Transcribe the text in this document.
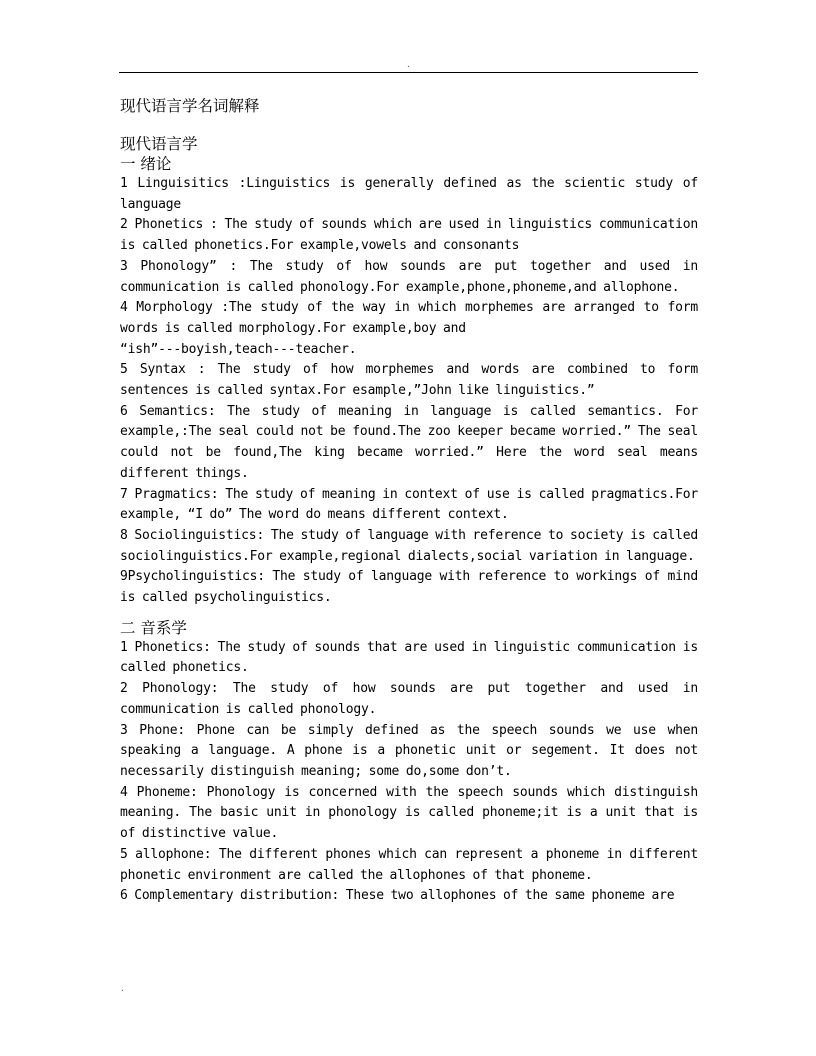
.

现代语言学名词解释

现代语言学

一 绪论

1 Linguisitics :Linguistics is generally defined as the scientic study of language

2 Phonetics : The study of sounds which are used in linguistics communication is called phonetics.For example,vowels and consonants

3 Phonology” : The study of how sounds are put together and used in communication is called phonology.For example,phone,phoneme,and allophone.

4 Morphology :The study of the way in which morphemes are arranged to form words is called morphology.For example,boy and

“ish”---boyish,teach---teacher.

5 Syntax : The study of how morphemes and words are combined to form sentences is called syntax.For esample,”John like linguistics.”

6 Semantics: The study of meaning in language is called semantics. For example,:The seal could not be found.The zoo keeper became worried.” The seal could not be found,The king became worried.” Here the word seal means different things.

7 Pragmatics: The study of meaning in context of use is called pragmatics.For example, “I do” The word do means different context.

8 Sociolinguistics: The study of language with reference to society is called sociolinguistics.For example,regional dialects,social variation in language.

9Psycholinguistics: The study of language with reference to workings of mind is called psycholinguistics.

二 音系学

1 Phonetics: The study of sounds that are used in linguistic communication is called phonetics.

2 Phonology: The study of how sounds are put together and used in communication is called phonology.

3 Phone: Phone can be simply defined as the speech sounds we use when speaking a language. A phone is a phonetic unit or segement. It does not necessarily distinguish meaning; some do,some don’t.

4 Phoneme: Phonology is concerned with the speech sounds which distinguish meaning. The basic unit in phonology is called phoneme;it is a unit that is of distinctive value.

5 allophone: The different phones which can represent a phoneme in different phonetic environment are called the allophones of that phoneme.

6 Complementary distribution: These two allophones of the same phoneme are

.
